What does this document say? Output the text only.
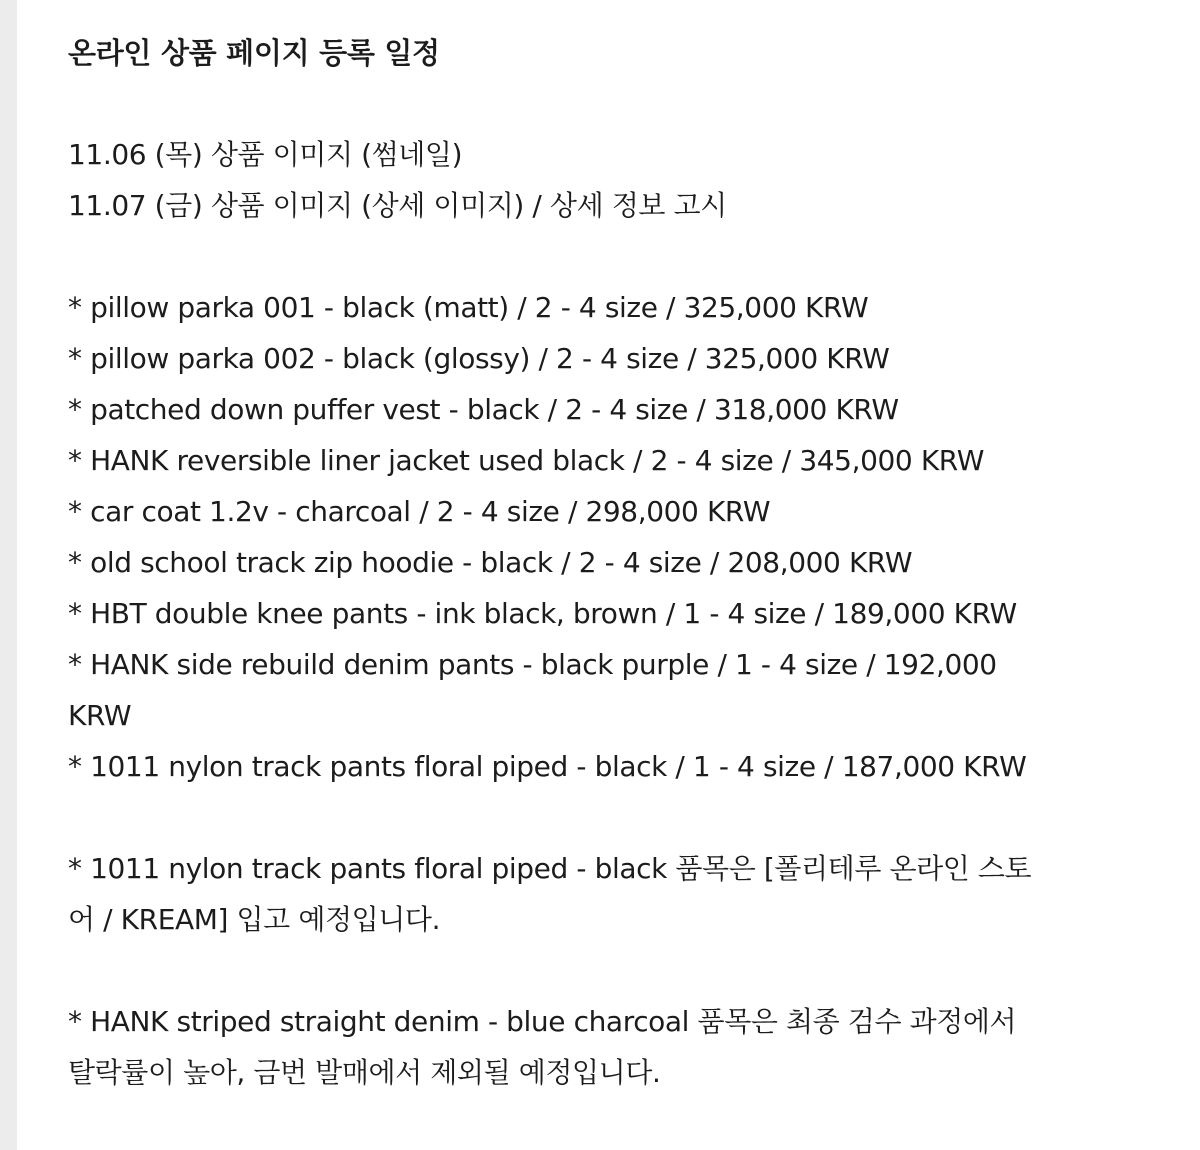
온라인 상품 페이지 등록 일정
11.06 (목) 상품 이미지 (썸네일)
11.07 (금) 상품 이미지 (상세 이미지) / 상세 정보 고시
* pillow parka 001 - black (matt) / 2 - 4 size / 325,000 KRW
* pillow parka 002 - black (glossy) / 2 - 4 size / 325,000 KRW
* patched down puffer vest - black / 2 - 4 size / 318,000 KRW
* HANK reversible liner jacket used black / 2 - 4 size / 345,000 KRW
* car coat 1.2v - charcoal / 2 - 4 size / 298,000 KRW
* old school track zip hoodie - black / 2 - 4 size / 208,000 KRW
* HBT double knee pants - ink black, brown / 1 - 4 size / 189,000 KRW
* HANK side rebuild denim pants - black purple / 1 - 4 size / 192,000
KRW
* 1011 nylon track pants floral piped - black / 1 - 4 size / 187,000 KRW
* 1011 nylon track pants floral piped - black 품목은 [폴리테루 온라인 스토
어 / KREAM] 입고 예정입니다.
* HANK striped straight denim - blue charcoal 품목은 최종 검수 과정에서
탈락률이 높아, 금번 발매에서 제외될 예정입니다.
